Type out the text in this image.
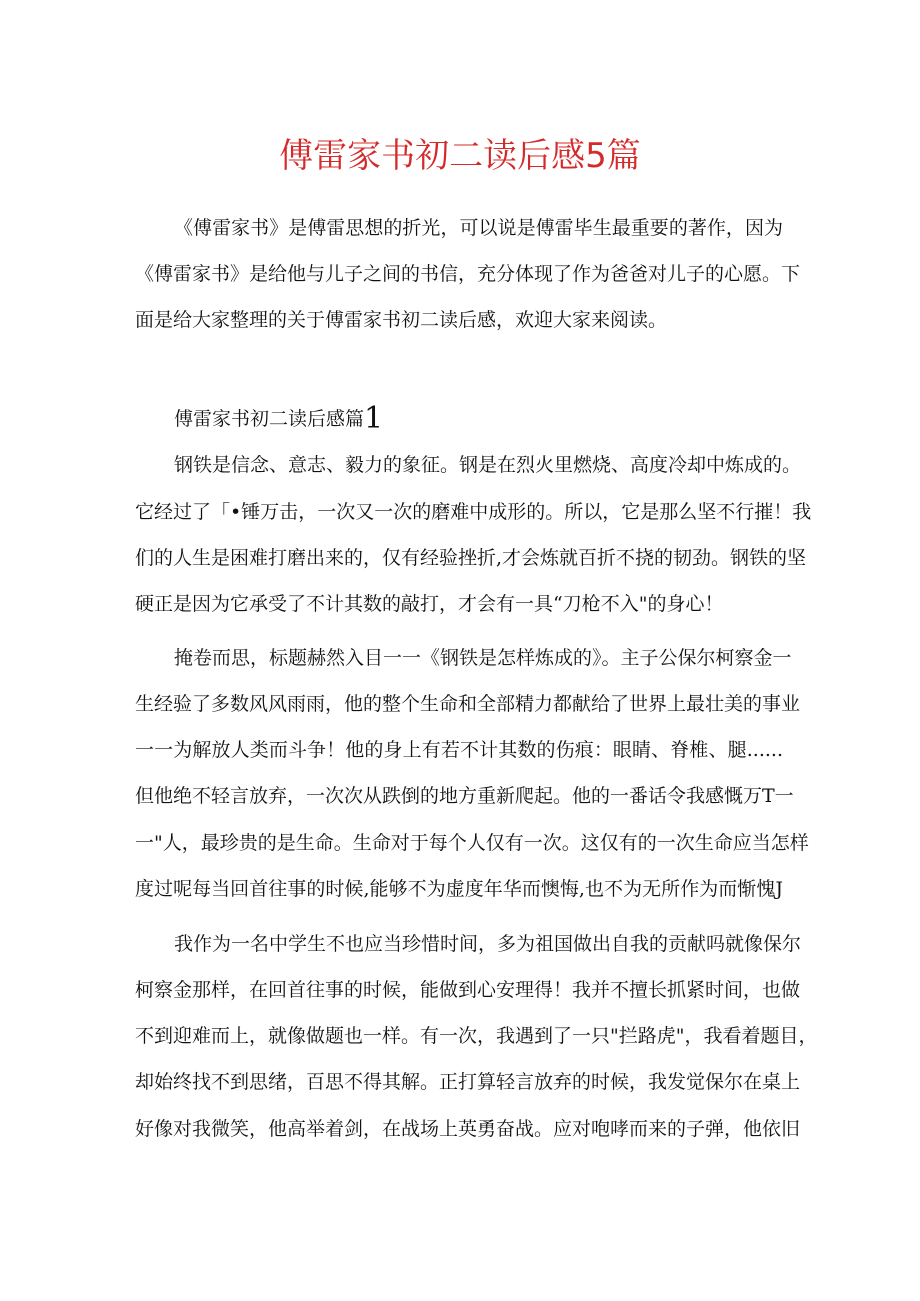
傅雷家书初二读后感5篇
《傅雷家书》是傅雷思想的折光，可以说是傅雷毕生最重要的著作，因为
《傅雷家书》是给他与儿子之间的书信，充分体现了作为爸爸对儿子的心愿。下
面是给大家整理的关于傅雷家书初二读后感，欢迎大家来阅读。
傅雷家书初二读后感篇1
钢铁是信念、意志、毅力的象征。钢是在烈火里燃烧、高度冷却中炼成的。
它经过了「•锤万击，一次又一次的磨难中成形的。所以，它是那么坚不行摧！我
们的人生是困难打磨出来的，仅有经验挫折,才会炼就百折不挠的韧劲。钢铁的坚
硬正是因为它承受了不计其数的敲打，才会有一具“刀枪不入"的身心！
掩卷而思，标题赫然入目一一《钢铁是怎样炼成的》。主子公保尔柯察金一
生经验了多数风风雨雨，他的整个生命和全部精力都献给了世界上最壮美的事业
一一为解放人类而斗争！他的身上有若不计其数的伤痕：眼睛、脊椎、腿......
但他绝不轻言放弃，一次次从跌倒的地方重新爬起。他的一番话令我感慨万T一
一"人，最珍贵的是生命。生命对于每个人仅有一次。这仅有的一次生命应当怎样
度过呢每当回首往事的时候,能够不为虚度年华而懊悔,也不为无所作为而惭愧J
我作为一名中学生不也应当珍惜时间，多为祖国做出自我的贡献吗就像保尔
柯察金那样，在回首往事的时候，能做到心安理得！我并不擅长抓紧时间，也做
不到迎难而上，就像做题也一样。有一次，我遇到了一只"拦路虎"，我看着题目，
却始终找不到思绪，百思不得其解。正打算轻言放弃的时候，我发觉保尔在桌上
好像对我微笑，他高举着剑，在战场上英勇奋战。应对咆哮而来的子弹，他依旧
